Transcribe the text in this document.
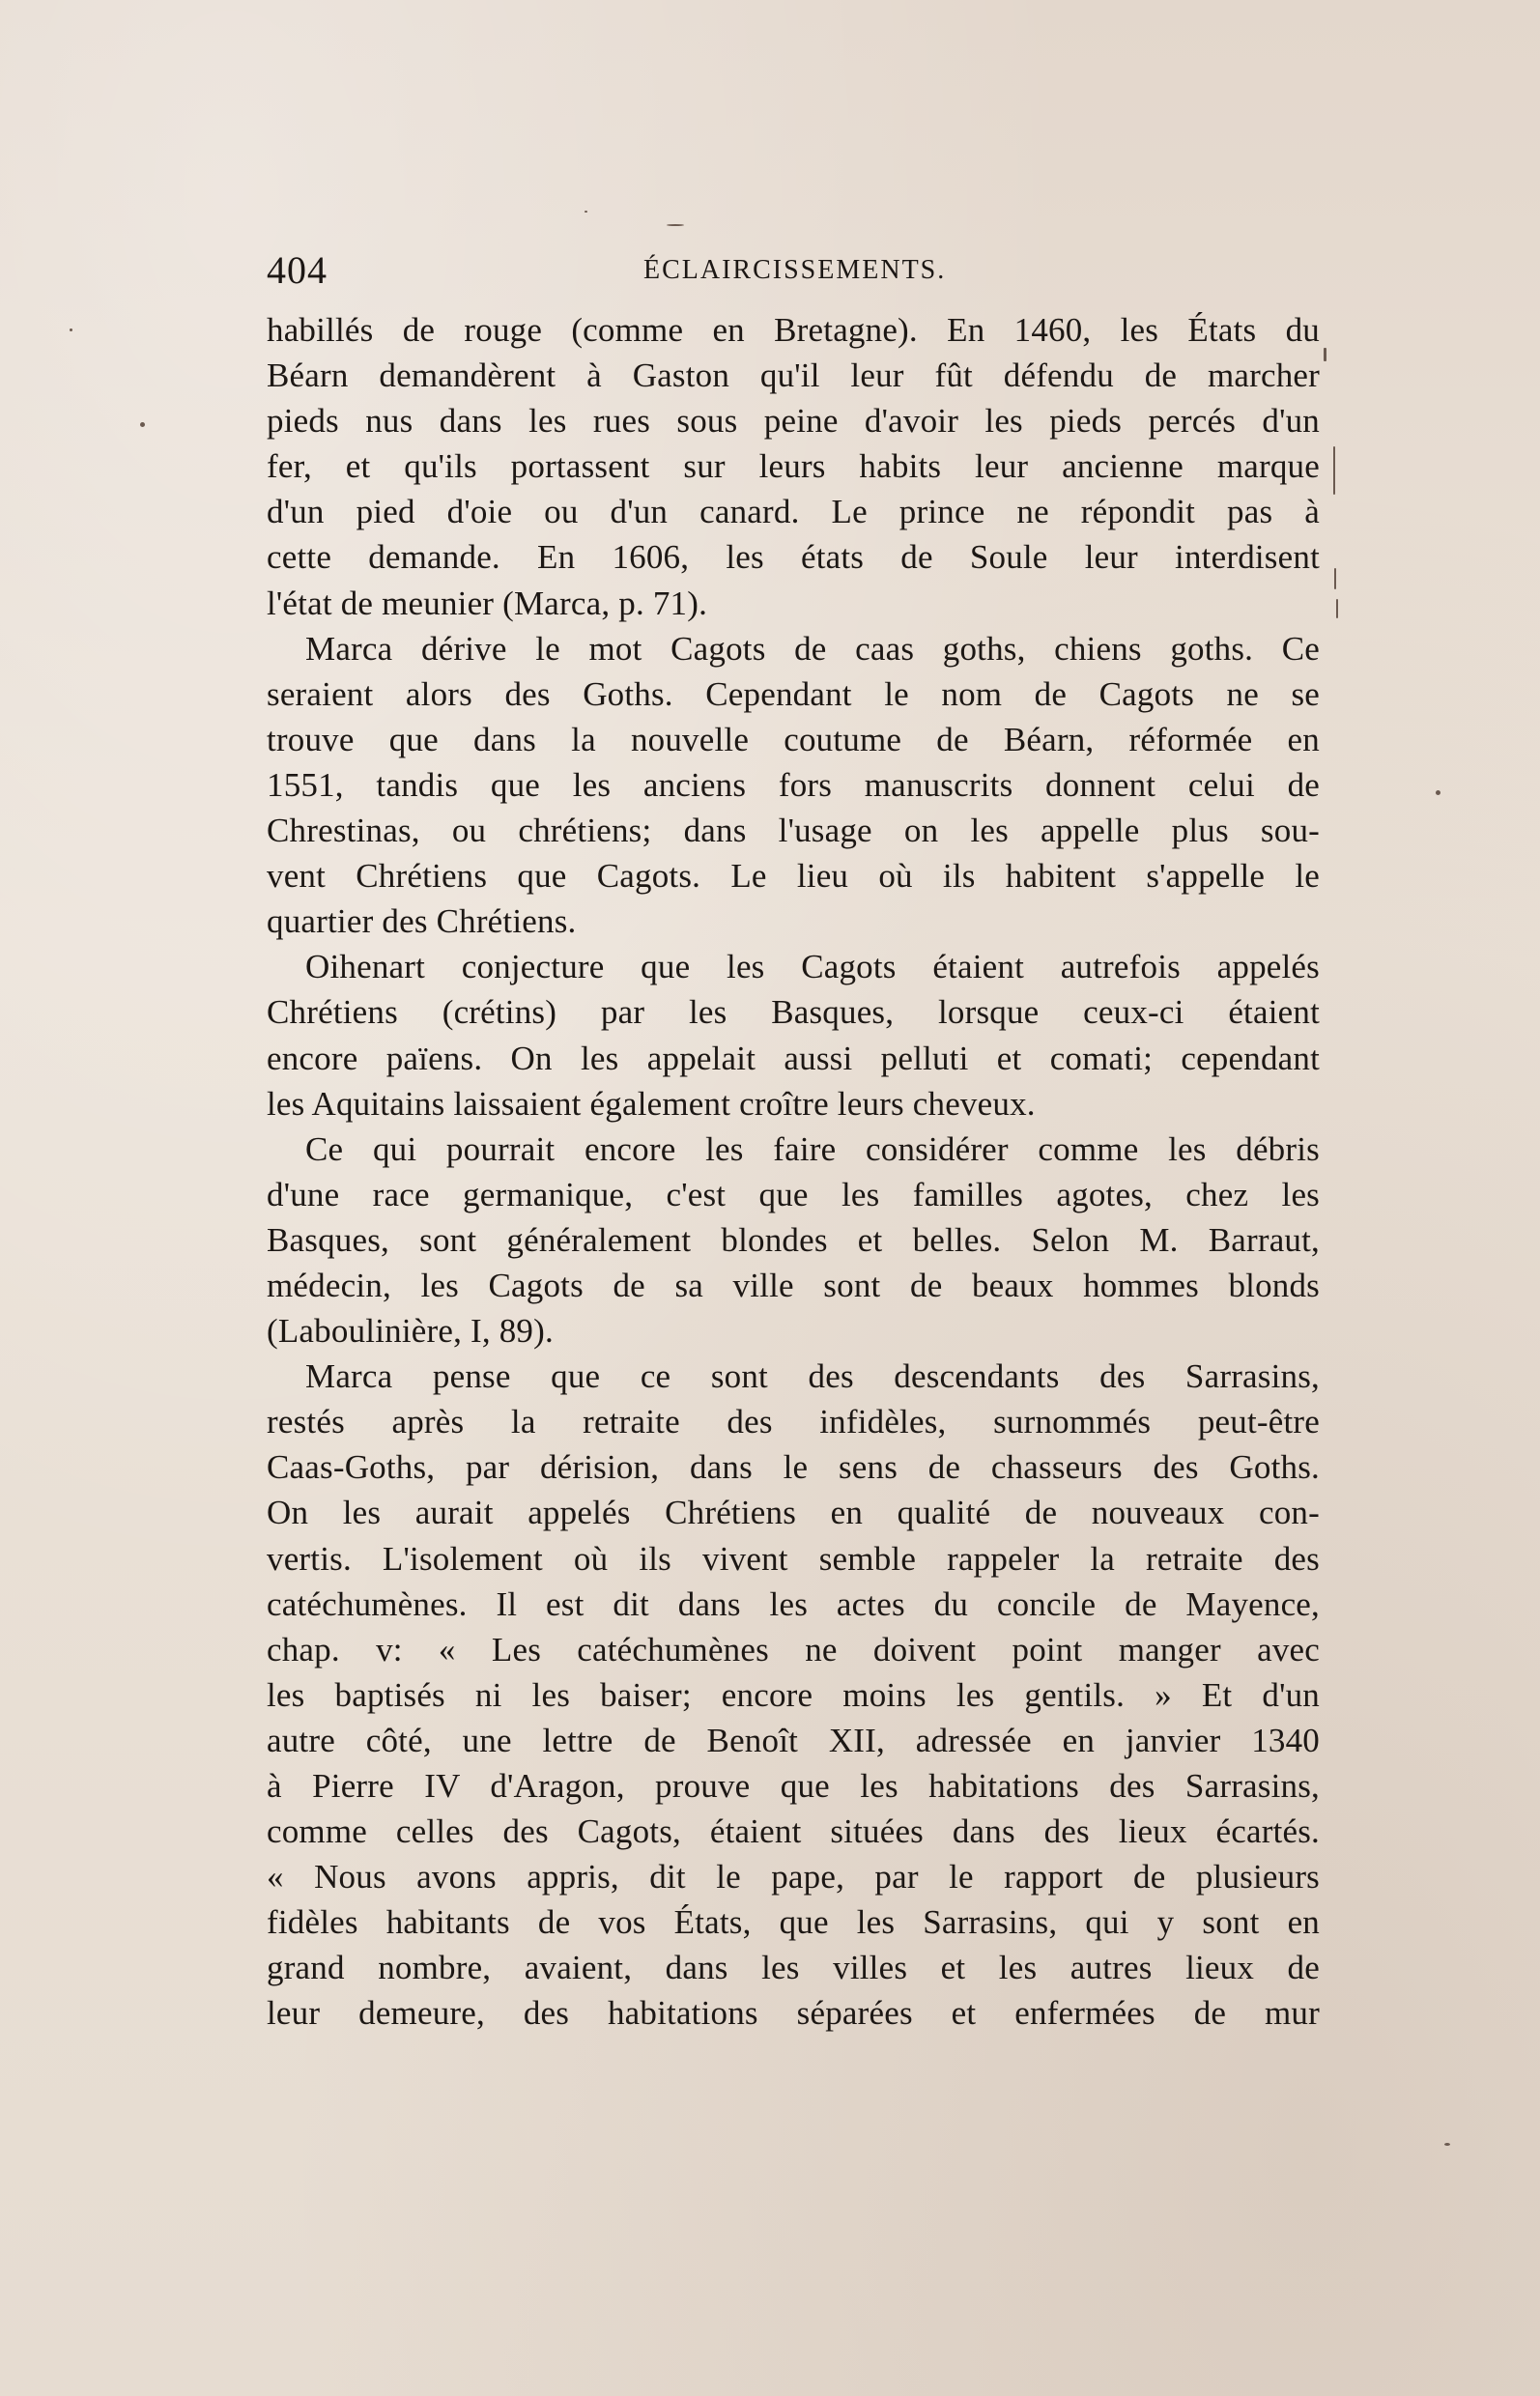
404	ÉCLAIRCISSEMENTS.
habillés de rouge (comme en Bretagne). En 1460, les États du
Béarn demandèrent à Gaston qu'il leur fût défendu de marcher
pieds nus dans les rues sous peine d'avoir les pieds percés d'un
fer, et qu'ils portassent sur leurs habits leur ancienne marque
d'un pied d'oie ou d'un canard. Le prince ne répondit pas à
cette demande. En 1606, les états de Soule leur interdisent
l'état de meunier (Marca, p. 71).
Marca dérive le mot Cagots de caas goths, chiens goths. Ce
seraient alors des Goths. Cependant le nom de Cagots ne se
trouve que dans la nouvelle coutume de Béarn, réformée en
1551, tandis que les anciens fors manuscrits donnent celui de
Chrestinas, ou chrétiens; dans l'usage on les appelle plus sou-
vent Chrétiens que Cagots. Le lieu où ils habitent s'appelle le
quartier des Chrétiens.
Oihenart conjecture que les Cagots étaient autrefois appelés
Chrétiens (crétins) par les Basques, lorsque ceux-ci étaient
encore païens. On les appelait aussi pelluti et comati; cependant
les Aquitains laissaient également croître leurs cheveux.
Ce qui pourrait encore les faire considérer comme les débris
d'une race germanique, c'est que les familles agotes, chez les
Basques, sont généralement blondes et belles. Selon M. Barraut,
médecin, les Cagots de sa ville sont de beaux hommes blonds
(Laboulinière, I, 89).
Marca pense que ce sont des descendants des Sarrasins,
restés après la retraite des infidèles, surnommés peut-être
Caas-Goths, par dérision, dans le sens de chasseurs des Goths.
On les aurait appelés Chrétiens en qualité de nouveaux con-
vertis. L'isolement où ils vivent semble rappeler la retraite des
catéchumènes. Il est dit dans les actes du concile de Mayence,
chap. v: « Les catéchumènes ne doivent point manger avec
les baptisés ni les baiser; encore moins les gentils. » Et d'un
autre côté, une lettre de Benoît XII, adressée en janvier 1340
à Pierre IV d'Aragon, prouve que les habitations des Sarrasins,
comme celles des Cagots, étaient situées dans des lieux écartés.
« Nous avons appris, dit le pape, par le rapport de plusieurs
fidèles habitants de vos États, que les Sarrasins, qui y sont en
grand nombre, avaient, dans les villes et les autres lieux de
leur demeure, des habitations séparées et enfermées de mur
